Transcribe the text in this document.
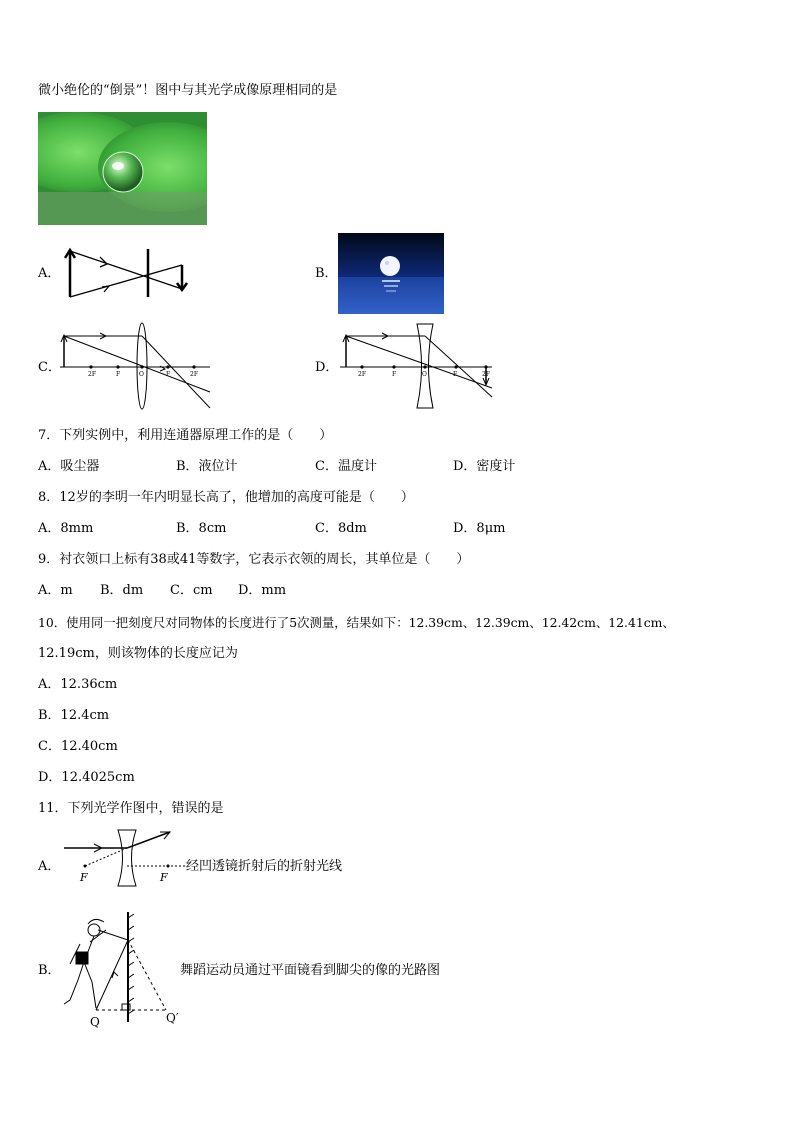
微小绝伦的“倒景”！图中与其光学成像原理相同的是
A．	B．
C．	2F	F	O	F	2F	D．	2F	F	O	F	2F
7．下列实例中，利用连通器原理工作的是（　　）
A．吸尘器	B．液位计	C．温度计	D．密度计
8．12岁的李明一年内明显长高了，他增加的高度可能是（　　）
A．8mm	B．8cm	C．8dm	D．8μm
9．衬衣领口上标有38或41等数字，它表示衣领的周长，其单位是（　　）
A．m B．dm C．cm D．mm
10．使用同一把刻度尺对同物体的长度进行了5次测量，结果如下：12.39cm、12.39cm、12.42cm、12.41cm、
12.19cm，则该物体的长度应记为
A．12.36cm
B．12.4cm
C．12.40cm
D．12.4025cm
11．下列光学作图中，错误的是
A．
F	F
经凹透镜折射后的折射光线
B．
Q	Q′
舞蹈运动员通过平面镜看到脚尖的像的光路图
